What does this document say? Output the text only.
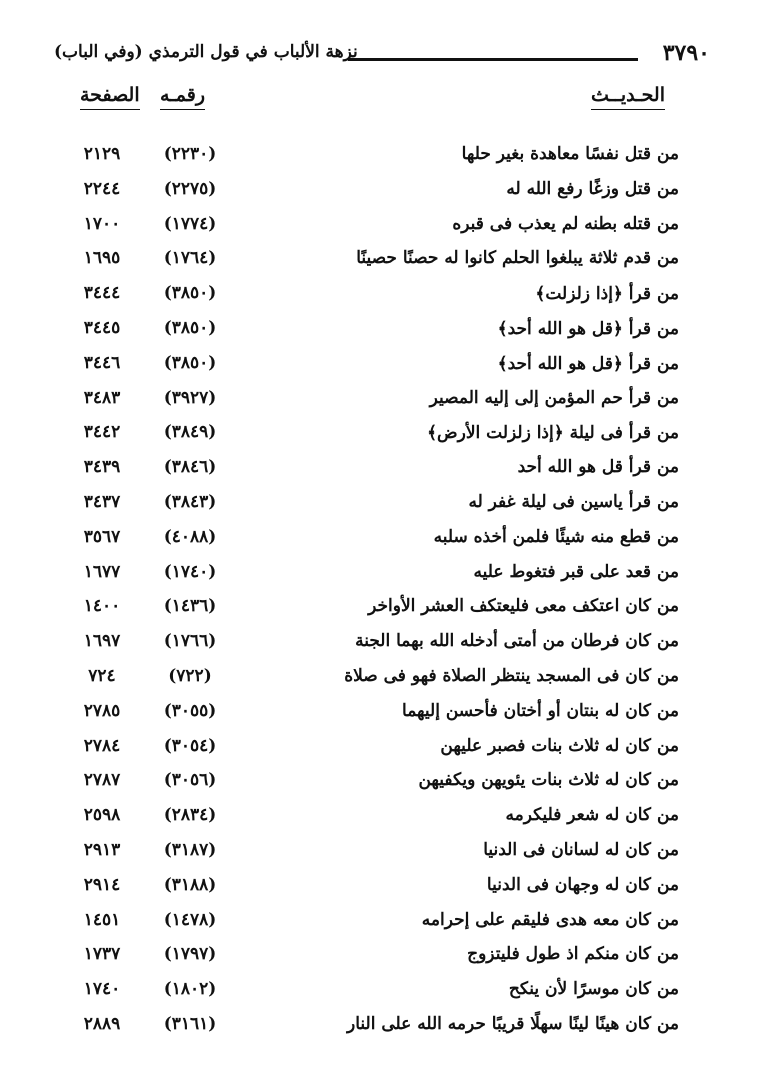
٣٧٩٠
نزهة الألباب في قول الترمذي (وفي الباب)
الحـديــث
رقمـه
الصفحة
من قتل نفسًا معاهدة بغير حلها
(٢٢٣٠)
٢١٢٩
من قتل وزغًا رفع الله له
(٢٢٧٥)
٢٢٤٤
من قتله بطنه لم يعذب فى قبره
(١٧٧٤)
١٧٠٠
من قدم ثلاثة يبلغوا الحلم كانوا له حصنًا حصينًا
(١٧٦٤)
١٦٩٥
من قرأ ﴿إذا زلزلت﴾
(٣٨٥٠)
٣٤٤٤
من قرأ ﴿قل هو الله أحد﴾
(٣٨٥٠)
٣٤٤٥
من قرأ ﴿قل هو الله أحد﴾
(٣٨٥٠)
٣٤٤٦
من قرأ حم المؤمن إلى إليه المصير
(٣٩٢٧)
٣٤٨٣
من قرأ فى ليلة ﴿إذا زلزلت الأرض﴾
(٣٨٤٩)
٣٤٤٢
من قرأ قل هو الله أحد
(٣٨٤٦)
٣٤٣٩
من قرأ ياسين فى ليلة غفر له
(٣٨٤٣)
٣٤٣٧
من قطع منه شيئًا فلمن أخذه سلبه
(٤٠٨٨)
٣٥٦٧
من قعد على قبر فتغوط عليه
(١٧٤٠)
١٦٧٧
من كان اعتكف معى فليعتكف العشر الأواخر
(١٤٣٦)
١٤٠٠
من كان فرطان من أمتى أدخله الله بهما الجنة
(١٧٦٦)
١٦٩٧
من كان فى المسجد ينتظر الصلاة فهو فى صلاة
(٧٢٢)
٧٢٤
من كان له بنتان أو أختان فأحسن إليهما
(٣٠٥٥)
٢٧٨٥
من كان له ثلاث بنات فصبر عليهن
(٣٠٥٤)
٢٧٨٤
من كان له ثلاث بنات يئويهن ويكفيهن
(٣٠٥٦)
٢٧٨٧
من كان له شعر فليكرمه
(٢٨٣٤)
٢٥٩٨
من كان له لسانان فى الدنيا
(٣١٨٧)
٢٩١٣
من كان له وجهان فى الدنيا
(٣١٨٨)
٢٩١٤
من كان معه هدى فليقم على إحرامه
(١٤٧٨)
١٤٥١
من كان منكم اذ طول فليتزوج
(١٧٩٧)
١٧٣٧
من كان موسرًا لأن ينكح
(١٨٠٢)
١٧٤٠
من كان هينًا لينًا سهلًا قريبًا حرمه الله على النار
(٣١٦١)
٢٨٨٩
